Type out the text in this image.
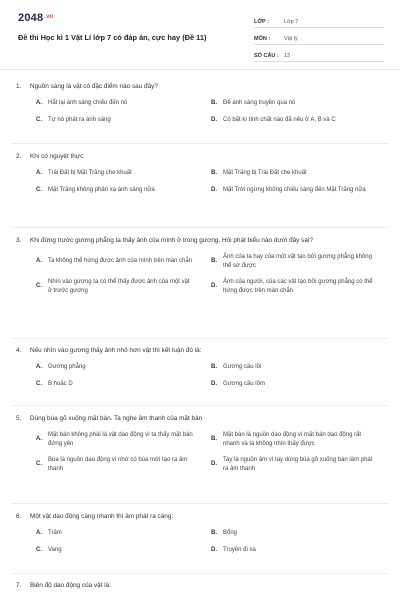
$2048^{.vn}$
Đề thi Học kì 1 Vật Lí lớp 7 có đáp án, cực hay (Đề 11)
LỚP :	Lớp 7
MÔN :	Vật lý
SỐ CÂU : 13
1.	Nguồn sáng là vật có đặc điểm nào sau đây?
A.	Hắt lại ánh sáng chiếu đến nó	B.	Để ánh sáng truyền qua nó
C.	Tự nó phát ra ánh sáng	D.	Có bất kì tính chất nào đã nêu ở A, B và C
2.	Khi có nguyệt thực
A.	Trái Đất bị Mặt Trăng che khuất	B.	Mặt Trăng bị Trái Đất che khuất
C.	Mặt Trăng không phản xạ ánh sáng nữa	D.	Mặt Trời ngừng không chiếu sáng đến Mặt Trăng nữa
3.	Khi đứng trước gương phẳng ta thấy ảnh của mình ở trong gương. Hỏi phát biểu nào dưới đây sai?
A.	Ta không thể hứng được ảnh của mình trên màn chắn	B.
Ảnh của ta hay của một vật tạo bởi gương phẳng không thể sờ được
C.
Nhìn vào gương ta có thể thấy được ảnh của một vật ở trước gương
D.
Ảnh của người, của các vật tạo bởi gương phẳng có thể hứng được trên màn chắn
4.	Nếu nhìn vào gương thấy ảnh nhỏ hơn vật thì kết luận đó là:
A.	Gương phẳng	B.	Gương cầu lồi
C.	B hoặc D	D.	Gương cầu lõm
5.	Dùng búa gõ xuống mặt bàn. Ta nghe âm thanh của mặt bàn
A.
Mặt bàn không phải là vật dao động vì ta thấy mặt bàn đứng yên
B.
Mặt bàn là nguồn dao động vì mặt bàn dao động rất nhanh và ta không nhìn thấy được
C.
Búa là nguồn dao động vì nhờ có búa mới tạo ra âm thanh
D.
Tay là nguồn âm vì tay dùng búa gõ xuống bàn làm phát ra âm thanh
6.	Một vật dao động càng nhanh thì âm phát ra càng:
A.	Trầm	B.	Bổng
C.	Vang	D.	Truyền đi xa
7.	Biên độ dao động của vật là:
